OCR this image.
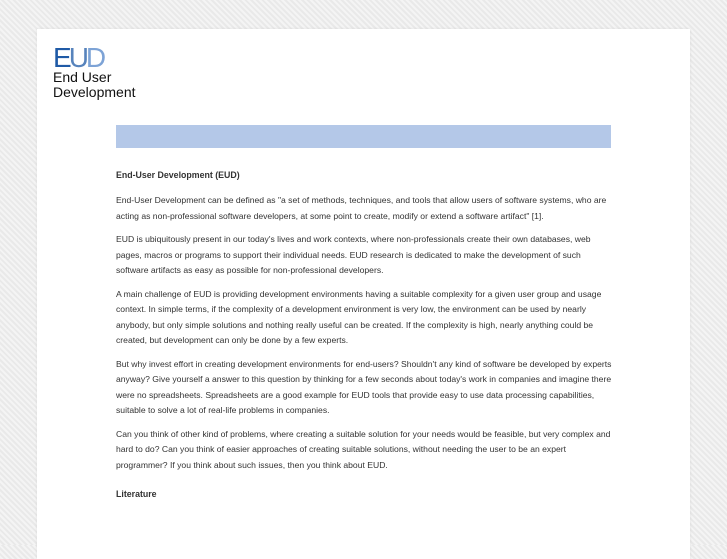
EUD
End User
Development
End-User Development (EUD)

End-User Development can be defined as "a set of methods, techniques, and tools that allow users of software systems, who are acting as non-professional software developers, at some point to create, modify or extend a software artifact" [1].

EUD is ubiquitously present in our today's lives and work contexts, where non-professionals create their own databases, web pages, macros or programs to support their individual needs. EUD research is dedicated to make the development of such software artifacts as easy as possible for non-professional developers.

A main challenge of EUD is providing development environments having a suitable complexity for a given user group and usage context. In simple terms, if the complexity of a development environment is very low, the environment can be used by nearly anybody, but only simple solutions and nothing really useful can be created. If the complexity is high, nearly anything could be created, but development can only be done by a few experts.

But why invest effort in creating development environments for end-users? Shouldn't any kind of software be developed by experts anyway? Give yourself a answer to this question by thinking for a few seconds about today's work in companies and imagine there were no spreadsheets. Spreadsheets are a good example for EUD tools that provide easy to use data processing capabilities, suitable to solve a lot of real-life problems in companies.

Can you think of other kind of problems, where creating a suitable solution for your needs would be feasible, but very complex and hard to do? Can you think of easier approaches of creating suitable solutions, without needing the user to be an expert programmer? If you think about such issues, then you think about EUD.

Literature
